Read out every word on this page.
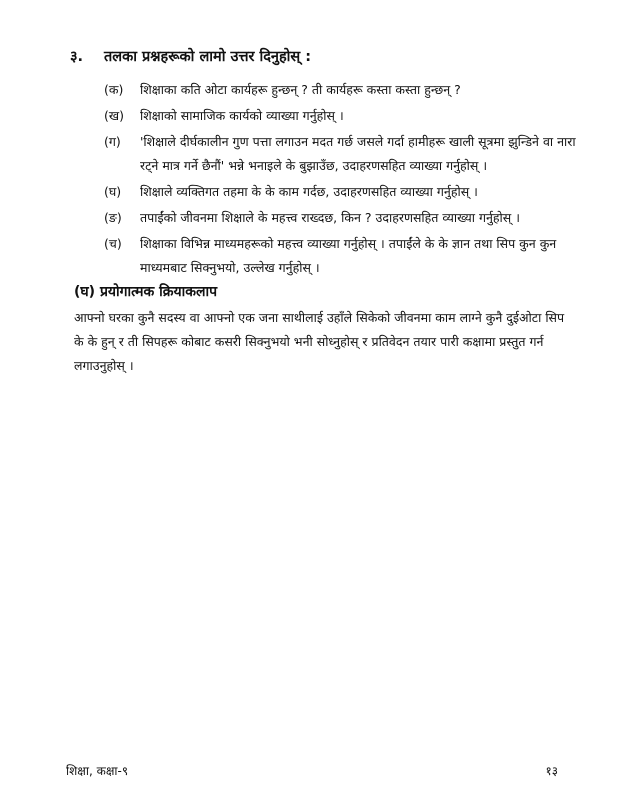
३. तलका प्रश्नहरूको लामो उत्तर दिनुहोस् :
(क)	शिक्षाका कति ओटा कार्यहरू हुन्छन् ? ती कार्यहरू कस्ता कस्ता हुन्छन् ?
(ख)	शिक्षाको सामाजिक कार्यको व्याख्या गर्नुहोस् ।
(ग)	'शिक्षाले दीर्घकालीन गुण पत्ता लगाउन मदत गर्छ जसले गर्दा हामीहरू खाली सूत्रमा झुन्डिने वा नारा रट्ने मात्र गर्ने छैनौं' भन्ने भनाइले के बुझाउँछ, उदाहरणसहित व्याख्या गर्नुहोस् ।
(घ)	शिक्षाले व्यक्तिगत तहमा के के काम गर्दछ, उदाहरणसहित व्याख्या गर्नुहोस् ।
(ङ)	तपाईंको जीवनमा शिक्षाले के महत्त्व राख्दछ, किन ? उदाहरणसहित व्याख्या गर्नुहोस् ।
(च)	शिक्षाका विभिन्न माध्यमहरूको महत्त्व व्याख्या गर्नुहोस् । तपाईंले के के ज्ञान तथा सिप कुन कुन माध्यमबाट सिक्नुभयो, उल्लेख गर्नुहोस् ।
(घ) प्रयोगात्मक क्रियाकलाप
आफ्नो घरका कुनै सदस्य वा आफ्नो एक जना साथीलाई उहाँले सिकेको जीवनमा काम लाग्ने कुनै दुईओटा सिप के के हुन् र ती सिपहरू कोबाट कसरी सिक्नुभयो भनी सोध्नुहोस् र प्रतिवेदन तयार पारी कक्षामा प्रस्तुत गर्न लगाउनुहोस् ।
शिक्षा, कक्षा-९	१३
